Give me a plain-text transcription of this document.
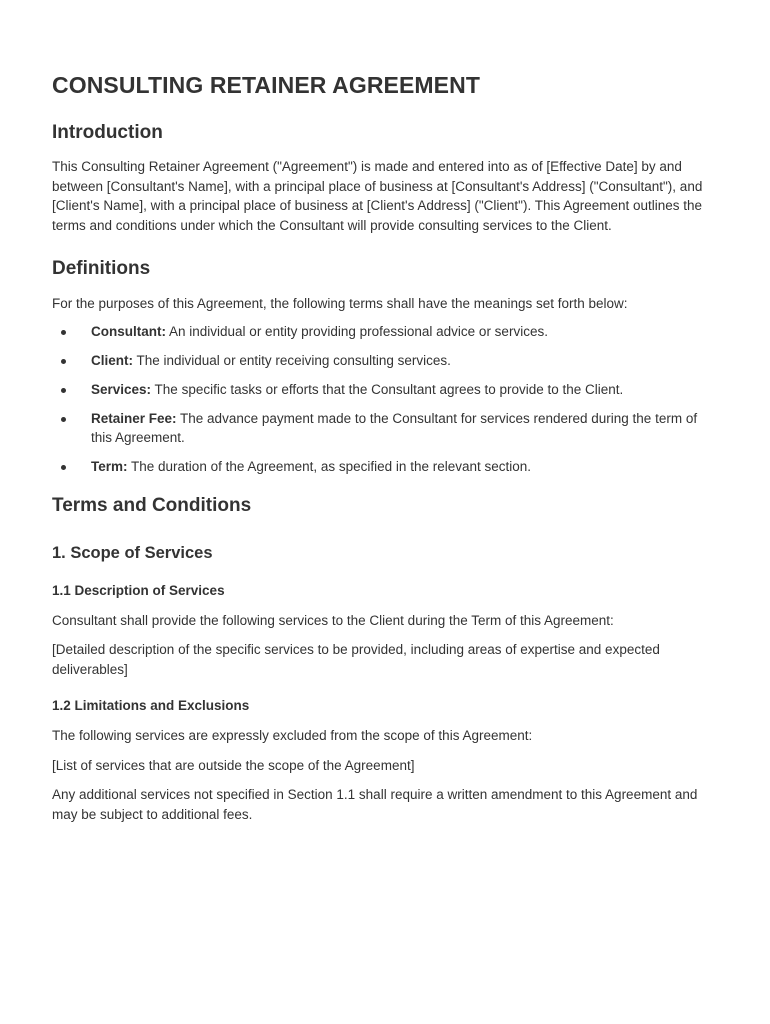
CONSULTING RETAINER AGREEMENT
Introduction

This Consulting Retainer Agreement ("Agreement") is made and entered into as of [Effective Date] by and between [Consultant's Name], with a principal place of business at [Consultant's Address] ("Consultant"), and [Client's Name], with a principal place of business at [Client's Address] ("Client"). This Agreement outlines the terms and conditions under which the Consultant will provide consulting services to the Client.

Definitions

For the purposes of this Agreement, the following terms shall have the meanings set forth below:

Consultant: An individual or entity providing professional advice or services.
Client: The individual or entity receiving consulting services.
Services: The specific tasks or efforts that the Consultant agrees to provide to the Client.
Retainer Fee: The advance payment made to the Consultant for services rendered during the term of this Agreement.
Term: The duration of the Agreement, as specified in the relevant section.
Terms and Conditions
1. Scope of Services
1.1 Description of Services

Consultant shall provide the following services to the Client during the Term of this Agreement:

[Detailed description of the specific services to be provided, including areas of expertise and expected deliverables]

1.2 Limitations and Exclusions

The following services are expressly excluded from the scope of this Agreement:

[List of services that are outside the scope of the Agreement]

Any additional services not specified in Section 1.1 shall require a written amendment to this Agreement and may be subject to additional fees.
